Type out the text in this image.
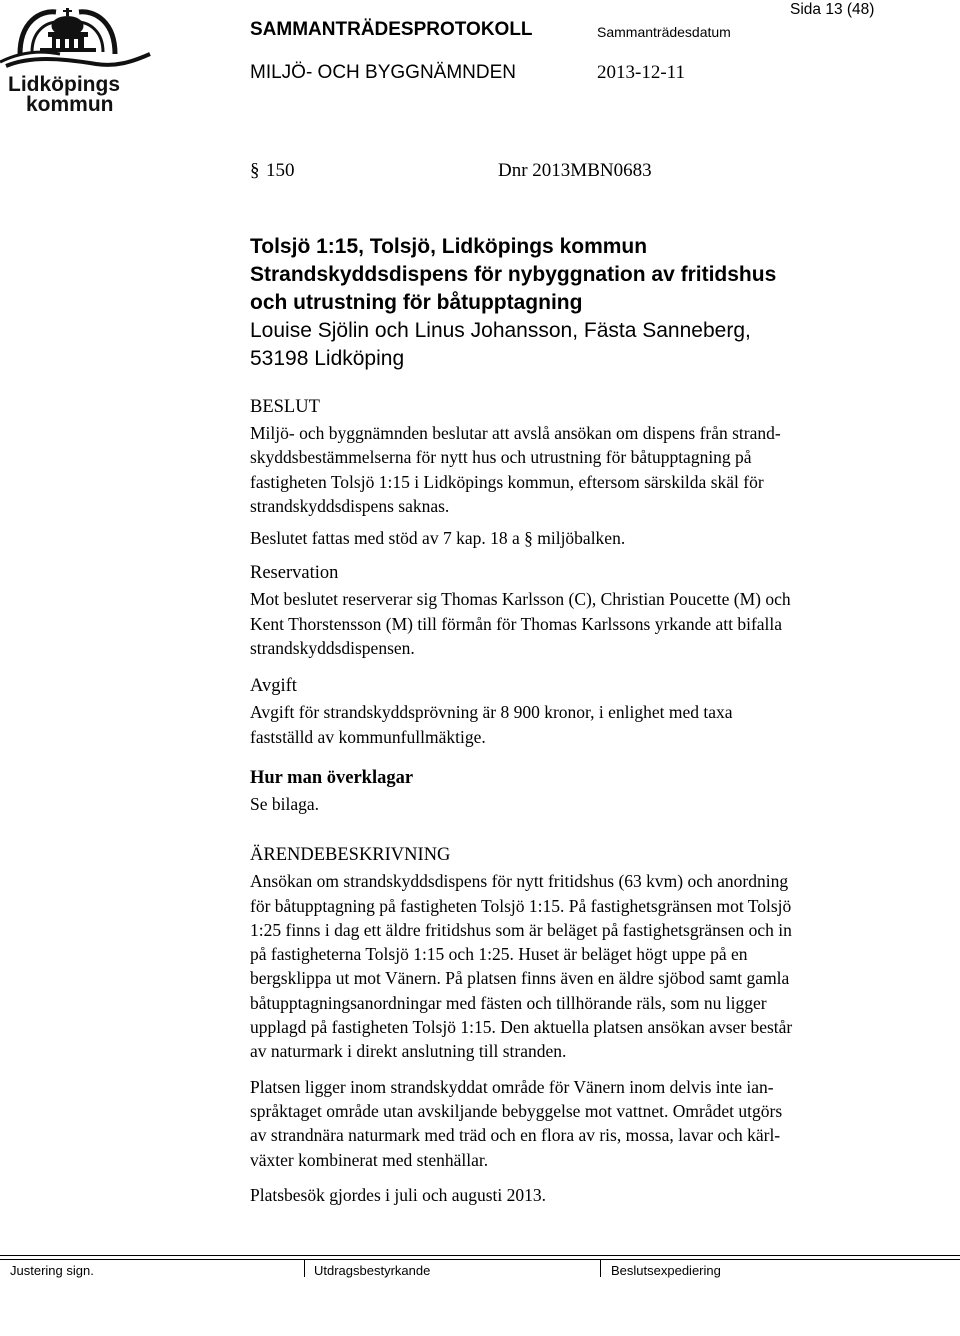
Lidköpings
kommun
Sida 13 (48)
SAMMANTRÄDESPROTOKOLL	Sammanträdesdatum
MILJÖ- OCH BYGGNÄMNDEN	2013-12-11
§ 150	Dnr 2013MBN0683
Tolsjö 1:15, Tolsjö, Lidköpings kommun
Strandskyddsdispens för nybyggnation av fritidshus
och utrustning för båtupptagning
Louise Sjölin och Linus Johansson, Fästa Sanneberg,
53198 Lidköping
BESLUT

Miljö- och byggnämnden beslutar att avslå ansökan om dispens från strand-
skyddsbestämmelserna för nytt hus och utrustning för båtupptagning på
fastigheten Tolsjö 1:15 i Lidköpings kommun, eftersom särskilda skäl för
strandskyddsdispens saknas.

Beslutet fattas med stöd av 7 kap. 18 a § miljöbalken.

Reservation

Mot beslutet reserverar sig Thomas Karlsson (C), Christian Poucette (M) och
Kent Thorstensson (M) till förmån för Thomas Karlssons yrkande att bifalla
strandskyddsdispensen.

Avgift

Avgift för strandskyddsprövning är 8 900 kronor, i enlighet med taxa
fastställd av kommunfullmäktige.

Hur man överklagar

Se bilaga.

ÄRENDEBESKRIVNING

Ansökan om strandskyddsdispens för nytt fritidshus (63 kvm) och anordning
för båtupptagning på fastigheten Tolsjö 1:15. På fastighetsgränsen mot Tolsjö
1:25 finns i dag ett äldre fritidshus som är beläget på fastighetsgränsen och in
på fastigheterna Tolsjö 1:15 och 1:25. Huset är beläget högt uppe på en
bergsklippa ut mot Vänern. På platsen finns även en äldre sjöbod samt gamla
båtupptagningsanordningar med fästen och tillhörande räls, som nu ligger
upplagd på fastigheten Tolsjö 1:15. Den aktuella platsen ansökan avser består
av naturmark i direkt anslutning till stranden.

Platsen ligger inom strandskyddat område för Vänern inom delvis inte ian-
språktaget område utan avskiljande bebyggelse mot vattnet. Området utgörs
av strandnära naturmark med träd och en flora av ris, mossa, lavar och kärl-
växter kombinerat med stenhällar.

Platsbesök gjordes i juli och augusti 2013.

Justering sign.	Utdragsbestyrkande	Beslutsexpediering
